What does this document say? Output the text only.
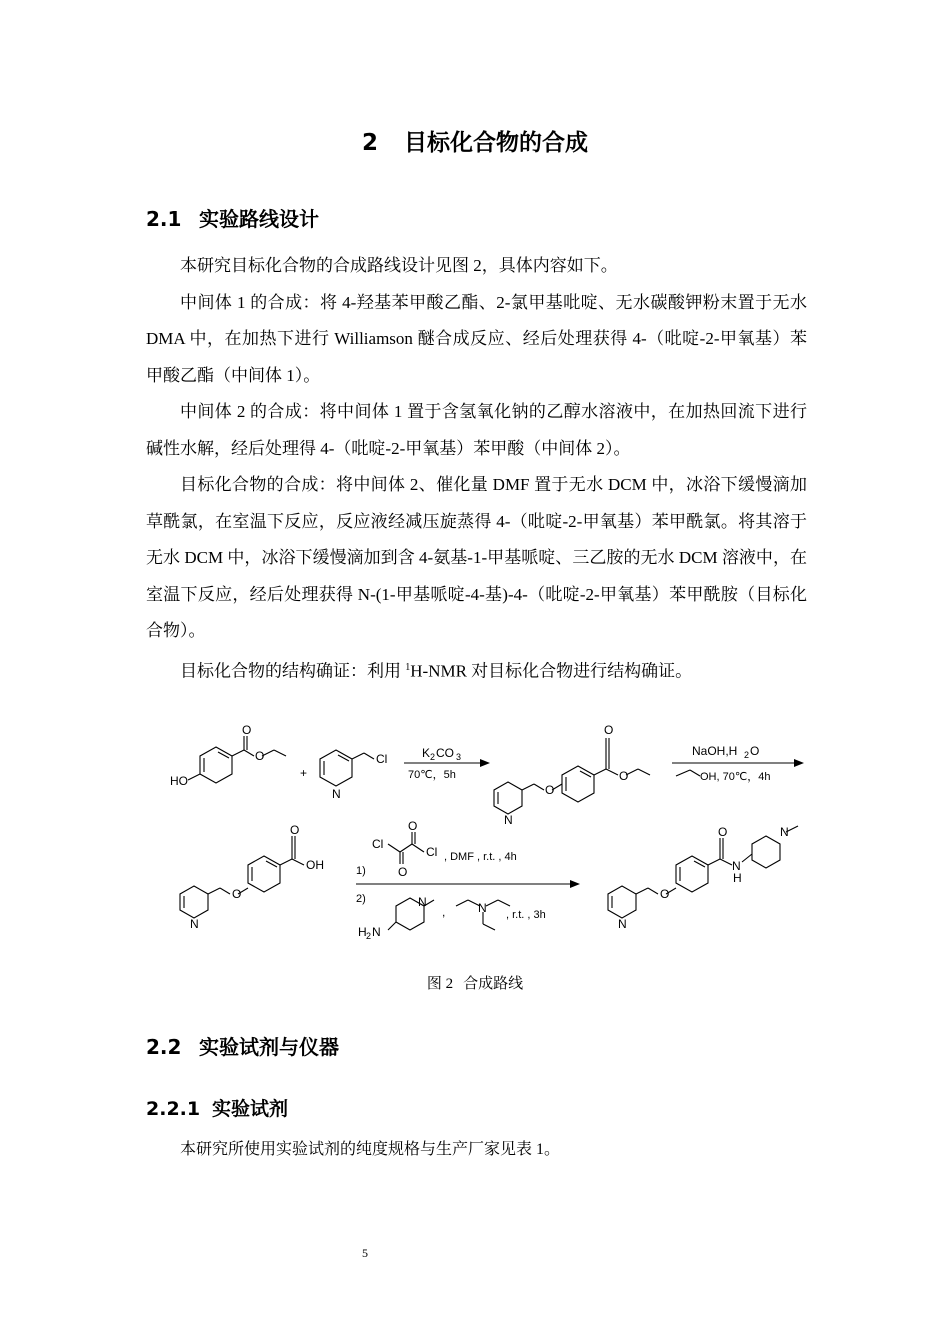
2 目标化合物的合成
2.1 实验路线设计

本研究目标化合物的合成路线设计见图 2，具体内容如下。

中间体 1 的合成：将 4-羟基苯甲酸乙酯、2-氯甲基吡啶、无水碳酸钾粉末置于无水 DMA 中，在加热下进行 Williamson 醚合成反应、经后处理获得 4-（吡啶-2-甲氧基）苯甲酸乙酯（中间体 1）。

中间体 2 的合成：将中间体 1 置于含氢氧化钠的乙醇水溶液中，在加热回流下进行碱性水解，经后处理得 4-（吡啶-2-甲氧基）苯甲酸（中间体 2）。

目标化合物的合成：将中间体 2、催化量 DMF 置于无水 DCM 中，冰浴下缓慢滴加草酰氯，在室温下反应，反应液经减压旋蒸得 4-（吡啶-2-甲氧基）苯甲酰氯。将其溶于无水 DCM 中，冰浴下缓慢滴加到含 4-氨基-1-甲基哌啶、三乙胺的无水 DCM 溶液中，在室温下反应，经后处理获得 N-(1-甲基哌啶-4-基)-4-（吡啶-2-甲氧基）苯甲酰胺（目标化合物）。

目标化合物的结构确证：利用 $^1$H-NMR 对目标化合物进行结构确证。

O
O
HO
+
N
Cl	K 2 CO 3
70℃，5h
N
O
O
O
NaOH,H 2 O
OH, 70℃，4h
N
O
O
OH
Cl
O
O
Cl , DMF , r.t. , 4h
1)
2)	N
H 2 N
,	N , r.t. , 3h
N
O
O
N
H
N
图 2 合成路线
2.2 实验试剂与仪器
2.2.1 实验试剂

本研究所使用实验试剂的纯度规格与生产厂家见表 1。

5
